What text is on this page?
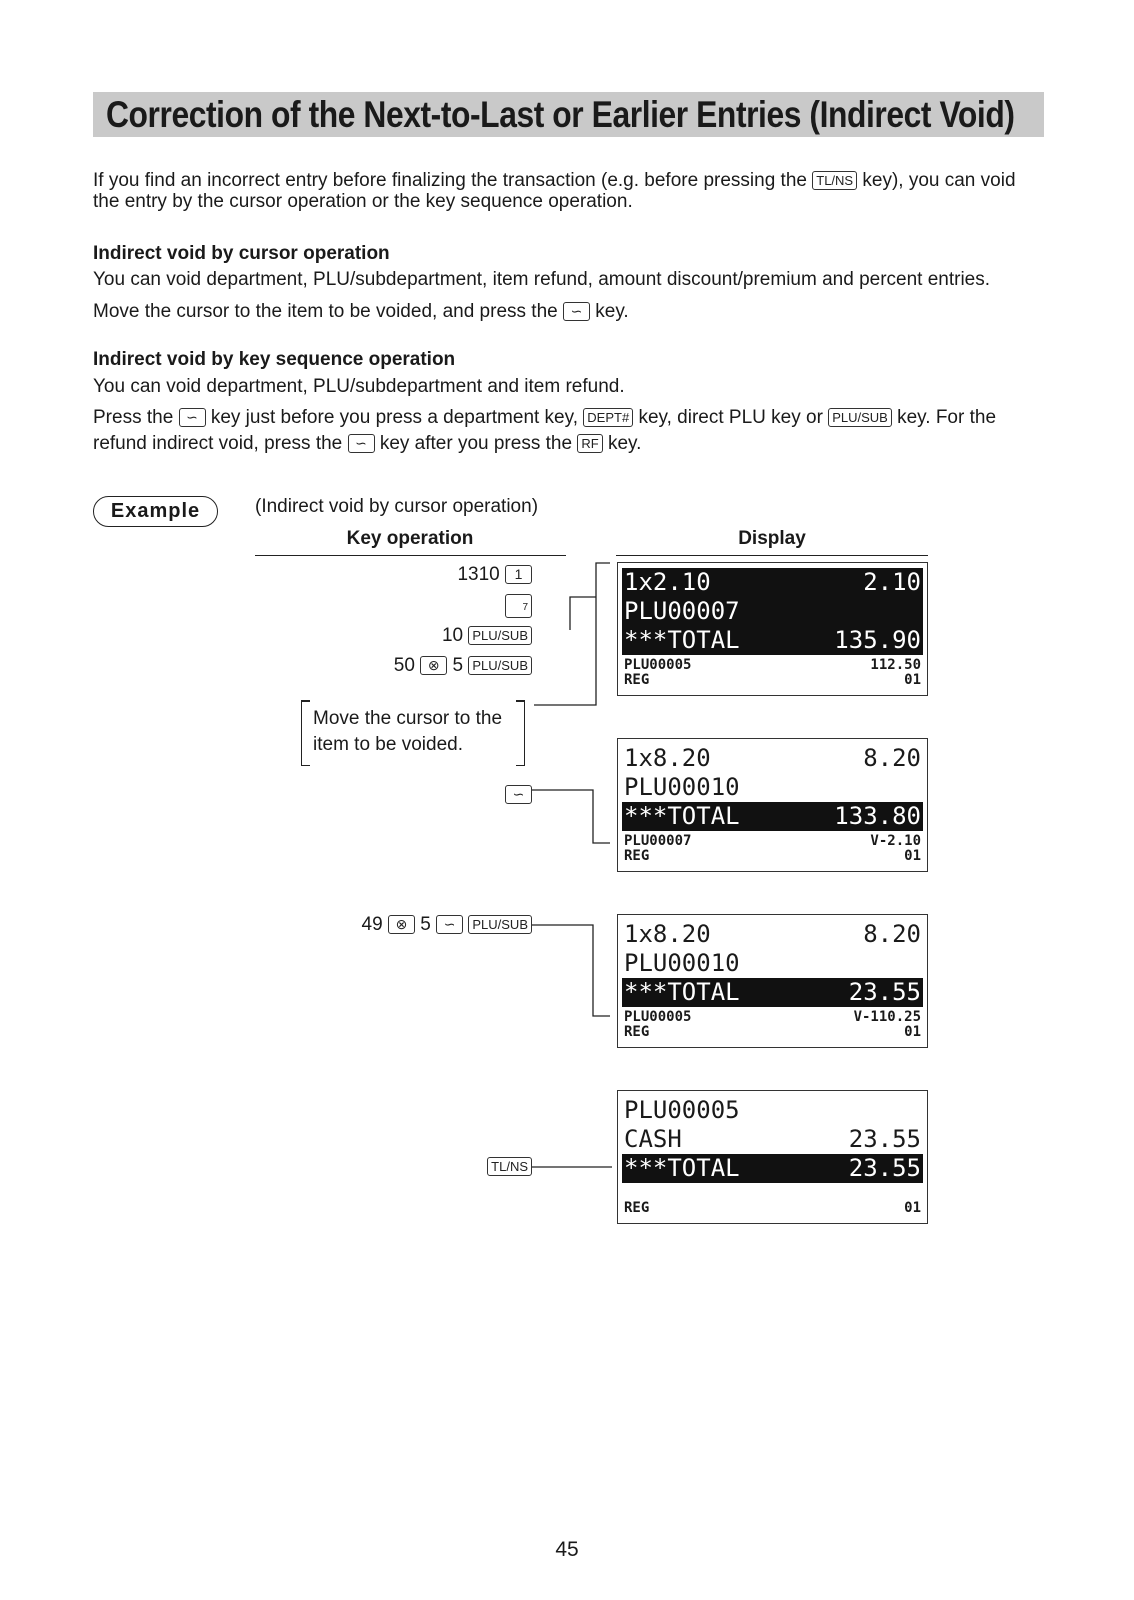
Correction of the Next-to-Last or Earlier Entries (Indirect Void)
If you find an incorrect entry before finalizing the transaction (e.g. before pressing the TL/NS key), you can void
the entry by the cursor operation or the key sequence operation.
Indirect void by cursor operation
You can void department, PLU/subdepartment, item refund, amount discount/premium and percent entries.
Move the cursor to the item to be voided, and press the ∽ key.
Indirect void by key sequence operation
You can void department, PLU/subdepartment and item refund.
Press the ∽ key just before you press a department key, DEPT# key, direct PLU key or PLU/SUB key. For the
refund indirect void, press the ∽ key after you press the RF key.
Example	(Indirect void by cursor operation)
Key operation	Display
1310 1
7
10 PLU/SUB
50 ⊗ 5 PLU/SUB
Move the cursor to the item to be voided.
∽
49 ⊗ 5 ∽ PLU/SUB
TL/NS
1x2.10	2.10
PLU00007
***TOTAL	135.90
PLU00005	112.50
REG	01
1x8.20	8.20
PLU00010
***TOTAL	133.80
PLU00007	V-2.10
REG	01
1x8.20	8.20
PLU00010
***TOTAL	23.55
PLU00005	V-110.25
REG	01
PLU00005
CASH	23.55
***TOTAL	23.55
REG	01
45
